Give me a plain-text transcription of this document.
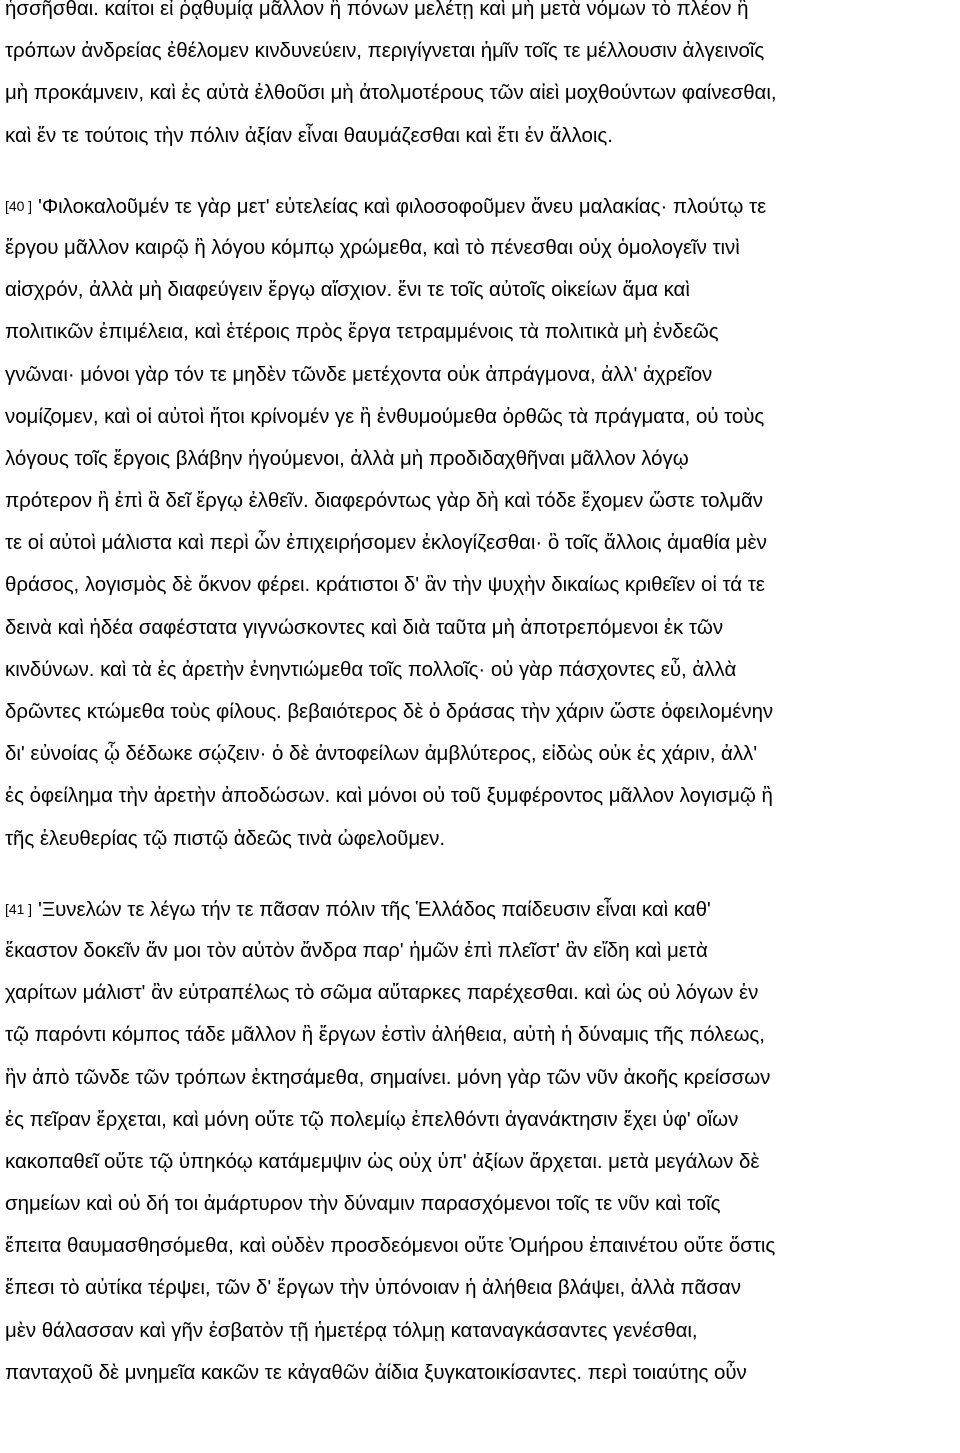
ἡσσῆσθαι. καίτοι εἰ ῥᾳθυμίᾳ μᾶλλον ἢ πόνων μελέτῃ καὶ μὴ μετὰ νόμων τὸ πλέον ἢ
τρόπων ἀνδρείας ἐθέλομεν κινδυνεύειν, περιγίγνεται ἡμῖν τοῖς τε μέλλουσιν ἀλγεινοῖς
μὴ προκάμνειν, καὶ ἐς αὐτὰ ἐλθοῦσι μὴ ἀτολμοτέρους τῶν αἰεὶ μοχθούντων φαίνεσθαι,
καὶ ἔν τε τούτοις τὴν πόλιν ἀξίαν εἶναι θαυμάζεσθαι καὶ ἔτι ἐν ἄλλοις.
[40 ] 'Φιλοκαλοῦμέν τε γὰρ μετ' εὐτελείας καὶ φιλοσοφοῦμεν ἄνευ μαλακίας· πλούτῳ τε
ἔργου μᾶλλον καιρῷ ἢ λόγου κόμπῳ χρώμεθα, καὶ τὸ πένεσθαι οὐχ ὁμολογεῖν τινὶ
αἰσχρόν, ἀλλὰ μὴ διαφεύγειν ἔργῳ αἴσχιον. ἔνι τε τοῖς αὐτοῖς οἰκείων ἅμα καὶ
πολιτικῶν ἐπιμέλεια, καὶ ἑτέροις πρὸς ἔργα τετραμμένοις τὰ πολιτικὰ μὴ ἐνδεῶς
γνῶναι· μόνοι γὰρ τόν τε μηδὲν τῶνδε μετέχοντα οὐκ ἀπράγμονα, ἀλλ' ἀχρεῖον
νομίζομεν, καὶ οἱ αὐτοὶ ἤτοι κρίνομέν γε ἢ ἐνθυμούμεθα ὀρθῶς τὰ πράγματα, οὐ τοὺς
λόγους τοῖς ἔργοις βλάβην ἡγούμενοι, ἀλλὰ μὴ προδιδαχθῆναι μᾶλλον λόγῳ
πρότερον ἢ ἐπὶ ἃ δεῖ ἔργῳ ἐλθεῖν. διαφερόντως γὰρ δὴ καὶ τόδε ἔχομεν ὥστε τολμᾶν
τε οἱ αὐτοὶ μάλιστα καὶ περὶ ὧν ἐπιχειρήσομεν ἐκλογίζεσθαι· ὃ τοῖς ἄλλοις ἀμαθία μὲν
θράσος, λογισμὸς δὲ ὄκνον φέρει. κράτιστοι δ' ἂν τὴν ψυχὴν δικαίως κριθεῖεν οἱ τά τε
δεινὰ καὶ ἡδέα σαφέστατα γιγνώσκοντες καὶ διὰ ταῦτα μὴ ἀποτρεπόμενοι ἐκ τῶν
κινδύνων. καὶ τὰ ἐς ἀρετὴν ἐνηντιώμεθα τοῖς πολλοῖς· οὐ γὰρ πάσχοντες εὖ, ἀλλὰ
δρῶντες κτώμεθα τοὺς φίλους. βεβαιότερος δὲ ὁ δράσας τὴν χάριν ὥστε ὀφειλομένην
δι' εὐνοίας ᾧ δέδωκε σῴζειν· ὁ δὲ ἀντοφείλων ἀμβλύτερος, εἰδὼς οὐκ ἐς χάριν, ἀλλ'
ἐς ὀφείλημα τὴν ἀρετὴν ἀποδώσων. καὶ μόνοι οὐ τοῦ ξυμφέροντος μᾶλλον λογισμῷ ἢ
τῆς ἐλευθερίας τῷ πιστῷ ἀδεῶς τινὰ ὠφελοῦμεν.
[41 ] 'Ξυνελών τε λέγω τήν τε πᾶσαν πόλιν τῆς Ἑλλάδος παίδευσιν εἶναι καὶ καθ'
ἕκαστον δοκεῖν ἄν μοι τὸν αὐτὸν ἄνδρα παρ' ἡμῶν ἐπὶ πλεῖστ' ἂν εἴδη καὶ μετὰ
χαρίτων μάλιστ' ἂν εὐτραπέλως τὸ σῶμα αὔταρκες παρέχεσθαι. καὶ ὡς οὐ λόγων ἐν
τῷ παρόντι κόμπος τάδε μᾶλλον ἢ ἔργων ἐστὶν ἀλήθεια, αὐτὴ ἡ δύναμις τῆς πόλεως,
ἣν ἀπὸ τῶνδε τῶν τρόπων ἐκτησάμεθα, σημαίνει. μόνη γὰρ τῶν νῦν ἀκοῆς κρείσσων
ἐς πεῖραν ἔρχεται, καὶ μόνη οὔτε τῷ πολεμίῳ ἐπελθόντι ἀγανάκτησιν ἔχει ὑφ' οἵων
κακοπαθεῖ οὔτε τῷ ὑπηκόῳ κατάμεμψιν ὡς οὐχ ὑπ' ἀξίων ἄρχεται. μετὰ μεγάλων δὲ
σημείων καὶ οὐ δή τοι ἀμάρτυρον τὴν δύναμιν παρασχόμενοι τοῖς τε νῦν καὶ τοῖς
ἔπειτα θαυμασθησόμεθα, καὶ οὐδὲν προσδεόμενοι οὔτε Ὁμήρου ἐπαινέτου οὔτε ὅστις
ἔπεσι τὸ αὐτίκα τέρψει, τῶν δ' ἔργων τὴν ὑπόνοιαν ἡ ἀλήθεια βλάψει, ἀλλὰ πᾶσαν
μὲν θάλασσαν καὶ γῆν ἐσβατὸν τῇ ἡμετέρᾳ τόλμῃ καταναγκάσαντες γενέσθαι,
πανταχοῦ δὲ μνημεῖα κακῶν τε κἀγαθῶν ἀίδια ξυγκατοικίσαντες. περὶ τοιαύτης οὖν
